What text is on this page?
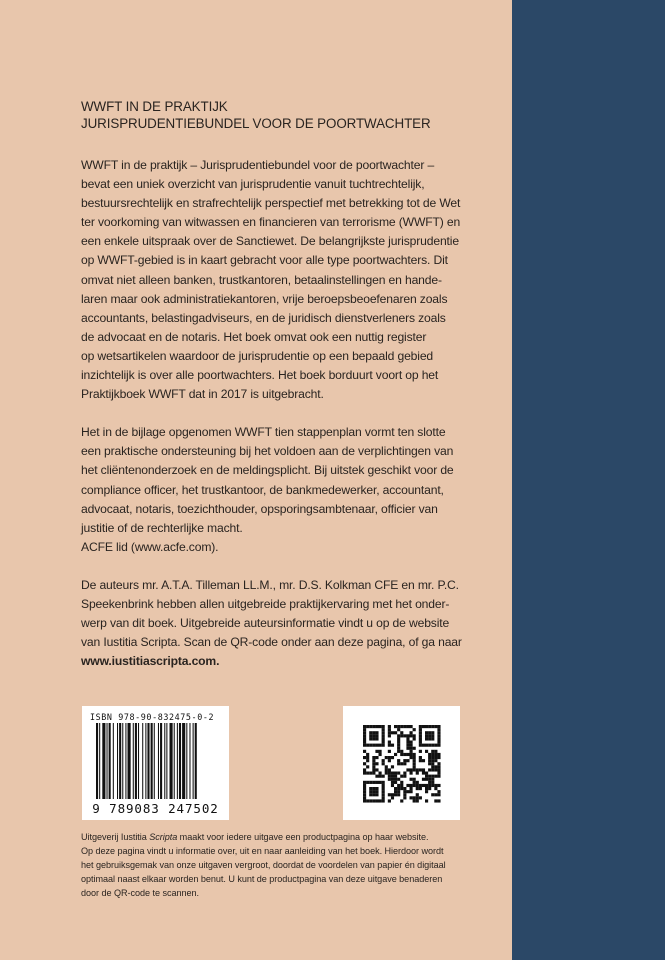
WWFT IN DE PRAKTIJK
JURISPRUDENTIEBUNDEL VOOR DE POORTWACHTER
WWFT in de praktijk – Jurisprudentiebundel voor de poortwachter –
bevat een uniek overzicht van jurisprudentie vanuit tuchtrechtelijk,
bestuursrechtelijk en strafrechtelijk perspectief met betrekking tot de Wet
ter voorkoming van witwassen en financieren van terrorisme (WWFT) en
een enkele uitspraak over de Sanctiewet. De belangrijkste jurisprudentie
op WWFT-gebied is in kaart gebracht voor alle type poortwachters. Dit
omvat niet alleen banken, trustkantoren, betaalinstellingen en hande-
laren maar ook administratiekantoren, vrije beroepsbeoefenaren zoals
accountants, belastingadviseurs, en de juridisch dienstverleners zoals
de advocaat en de notaris. Het boek omvat ook een nuttig register
op wetsartikelen waardoor de jurisprudentie op een bepaald gebied
inzichtelijk is over alle poortwachters. Het boek borduurt voort op het
Praktijkboek WWFT dat in 2017 is uitgebracht.
Het in de bijlage opgenomen WWFT tien stappenplan vormt ten slotte
een praktische ondersteuning bij het voldoen aan de verplichtingen van
het cliëntenonderzoek en de meldingsplicht. Bij uitstek geschikt voor de
compliance officer, het trustkantoor, de bankmedewerker, accountant,
advocaat, notaris, toezichthouder, opsporingsambtenaar, officier van
justitie of de rechterlijke macht.
ACFE lid (www.acfe.com).
De auteurs mr. A.T.A. Tilleman LL.M., mr. D.S. Kolkman CFE en mr. P.C.
Speekenbrink hebben allen uitgebreide praktijkervaring met het onder-
werp van dit boek. Uitgebreide auteursinformatie vindt u op de website
van Iustitia Scripta. Scan de QR-code onder aan deze pagina, of ga naar
www.iustitiascripta.com.
ISBN 978-90-832475-0-2
9 789083 247502
Uitgeverij Iustitia Scripta maakt voor iedere uitgave een productpagina op haar website.
Op deze pagina vindt u informatie over, uit en naar aanleiding van het boek. Hierdoor wordt
het gebruiksgemak van onze uitgaven vergroot, doordat de voordelen van papier én digitaal
optimaal naast elkaar worden benut. U kunt de productpagina van deze uitgave benaderen
door de QR-code te scannen.
